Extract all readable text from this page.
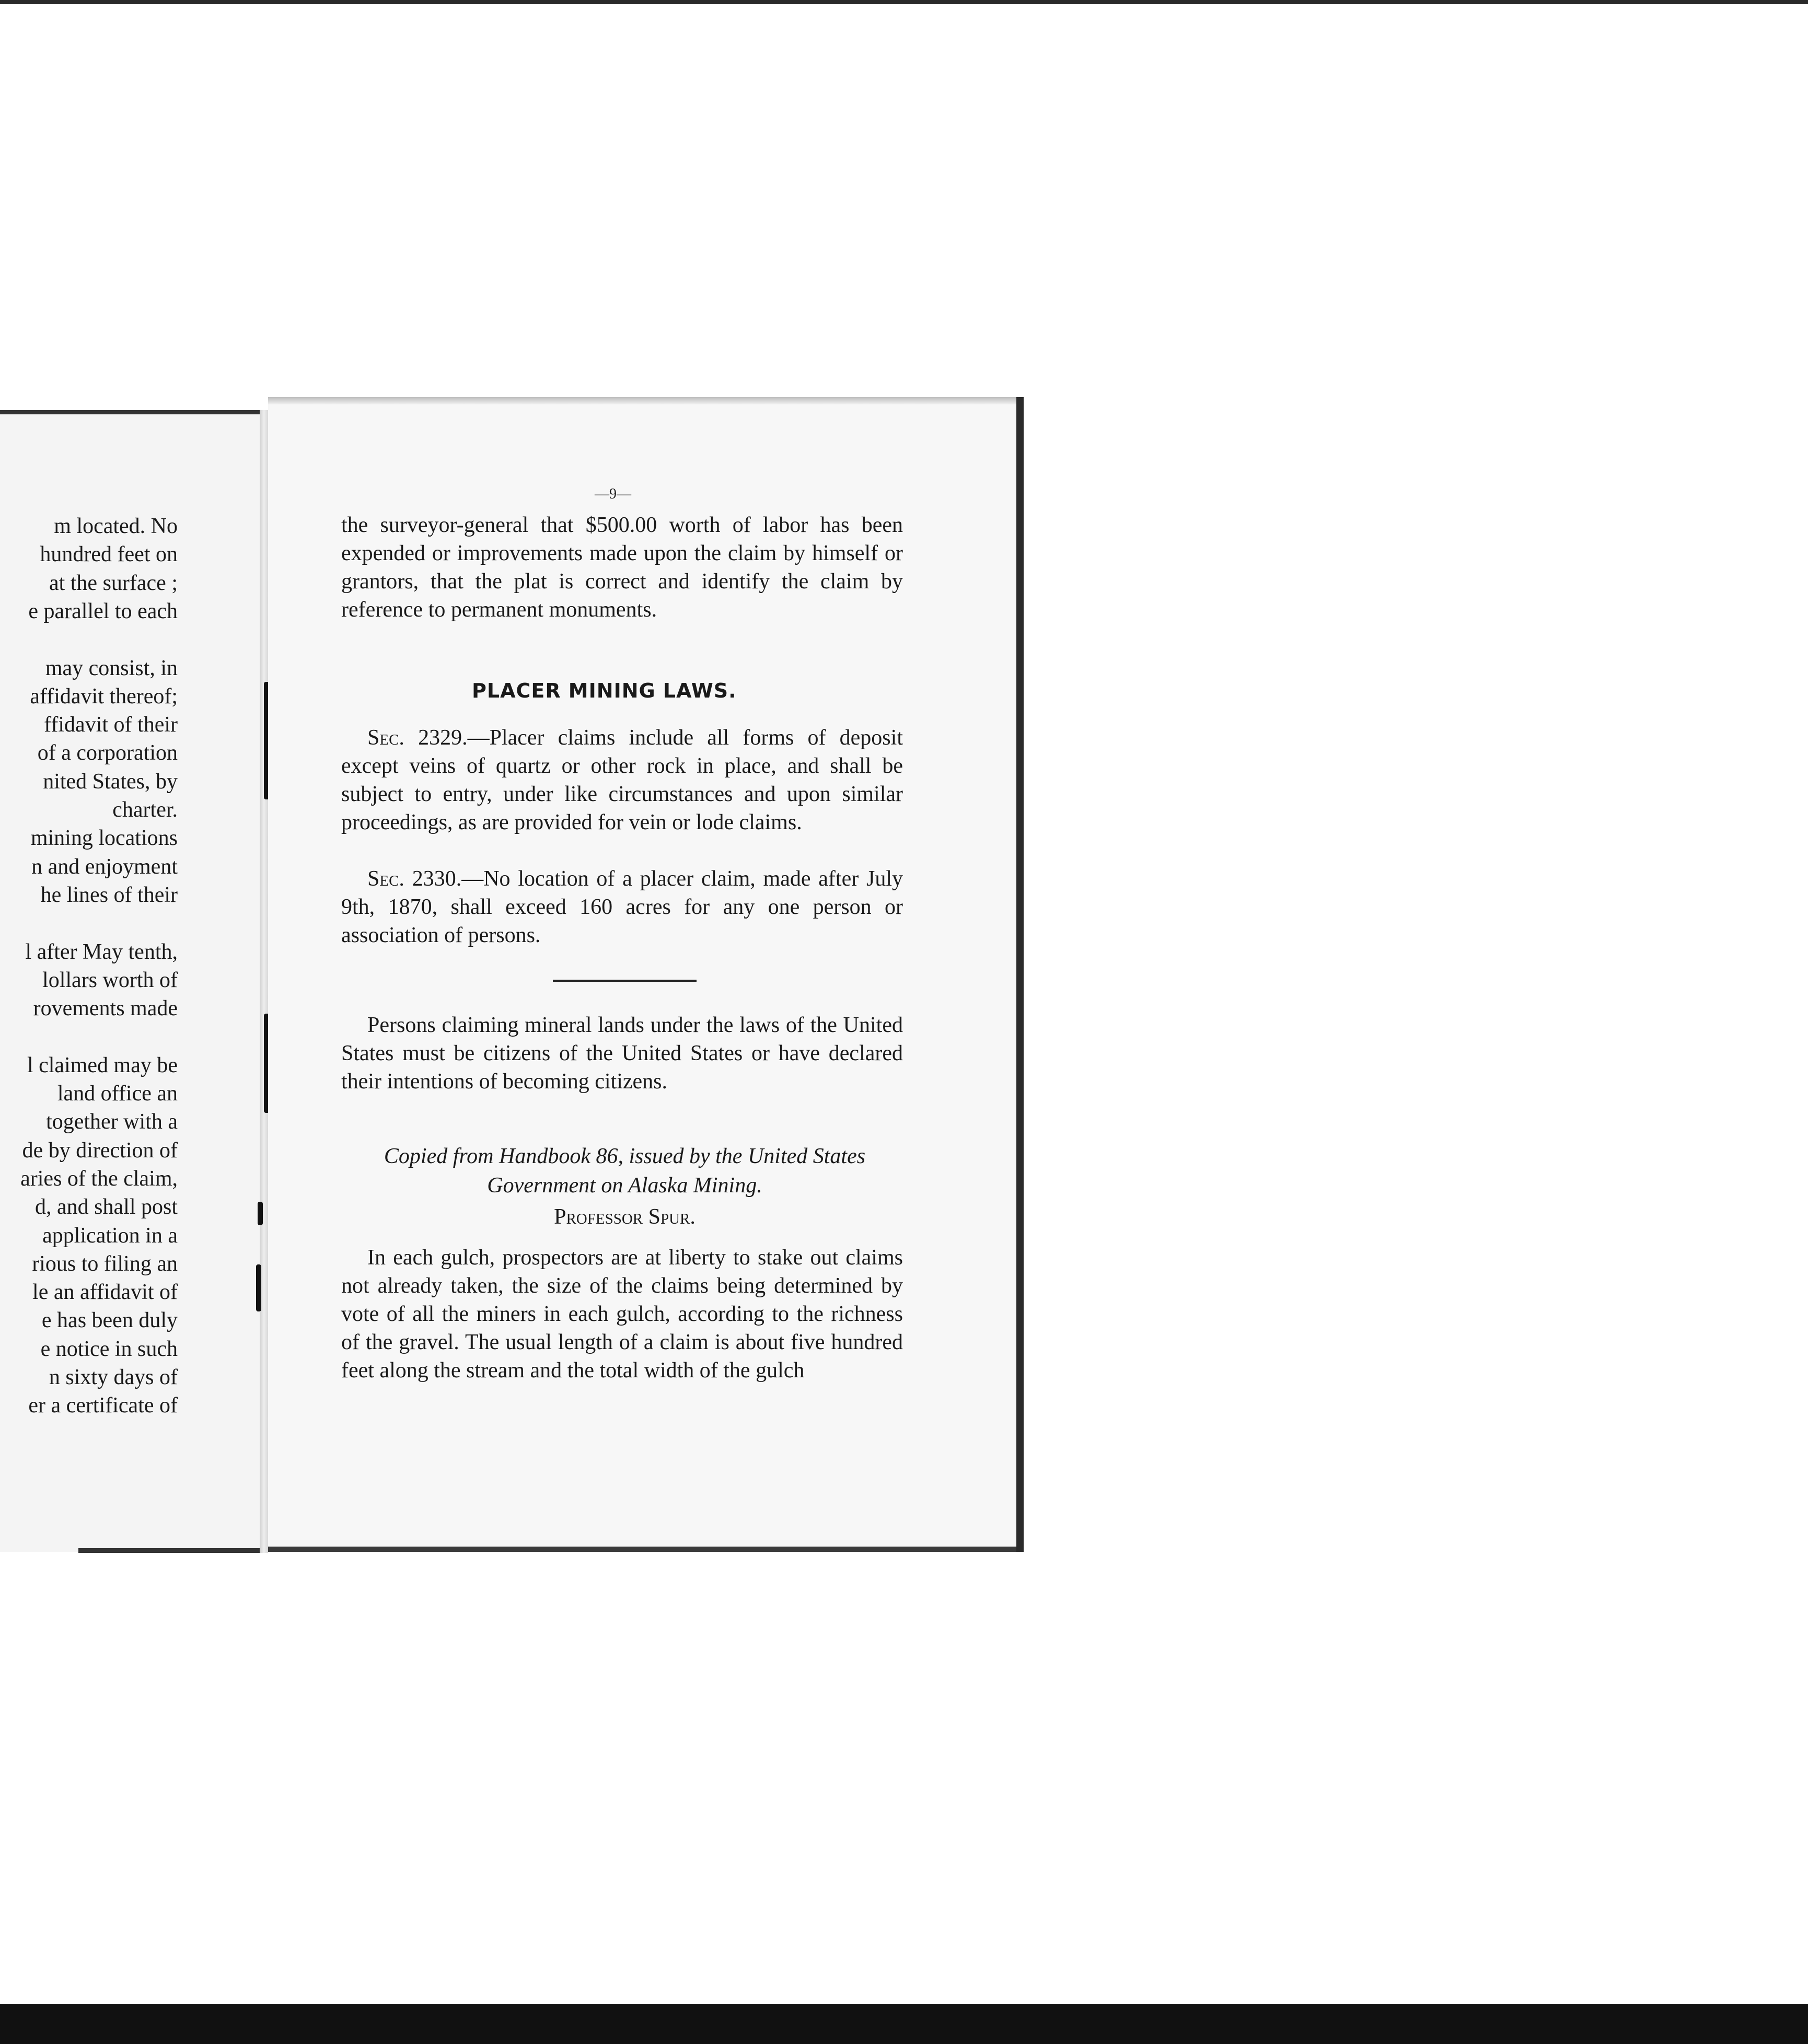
m located. No
hundred feet on
at the surface ;
e parallel to each
may consist, in
affidavit thereof;
ffidavit of their
of a corporation
nited States, by
charter.
mining locations
n and enjoyment
he lines of their
l after May tenth,
lollars worth of
rovements made
l claimed may be
land office an
together with a
de by direction of
aries of the claim,
d, and shall post
application in a
rious to filing an
le an affidavit of
e has been duly
e notice in such
n sixty days of
er a certificate of
—9—
the surveyor-general that $500.00 worth of labor has been expended or improvements made upon the claim by himself or grantors, that the plat is correct and identify the claim by reference to permanent monuments.
PLACER MINING LAWS.
Sec. 2329.—Placer claims include all forms of deposit except veins of quartz or other rock in place, and shall be subject to entry, under like circumstances and upon similar proceedings, as are provided for vein or lode claims.
Sec. 2330.—No location of a placer claim, made after July 9th, 1870, shall exceed 160 acres for any one person or association of persons.
Persons claiming mineral lands under the laws of the United States must be citizens of the United States or have declared their intentions of becoming citizens.
Copied from Handbook 86, issued by the United States Government on Alaska Mining.
Professor Spur.
In each gulch, prospectors are at liberty to stake out claims not already taken, the size of the claims being determined by vote of all the miners in each gulch, according to the richness of the gravel. The usual length of a claim is about five hundred feet along the stream and the total width of the gulch
